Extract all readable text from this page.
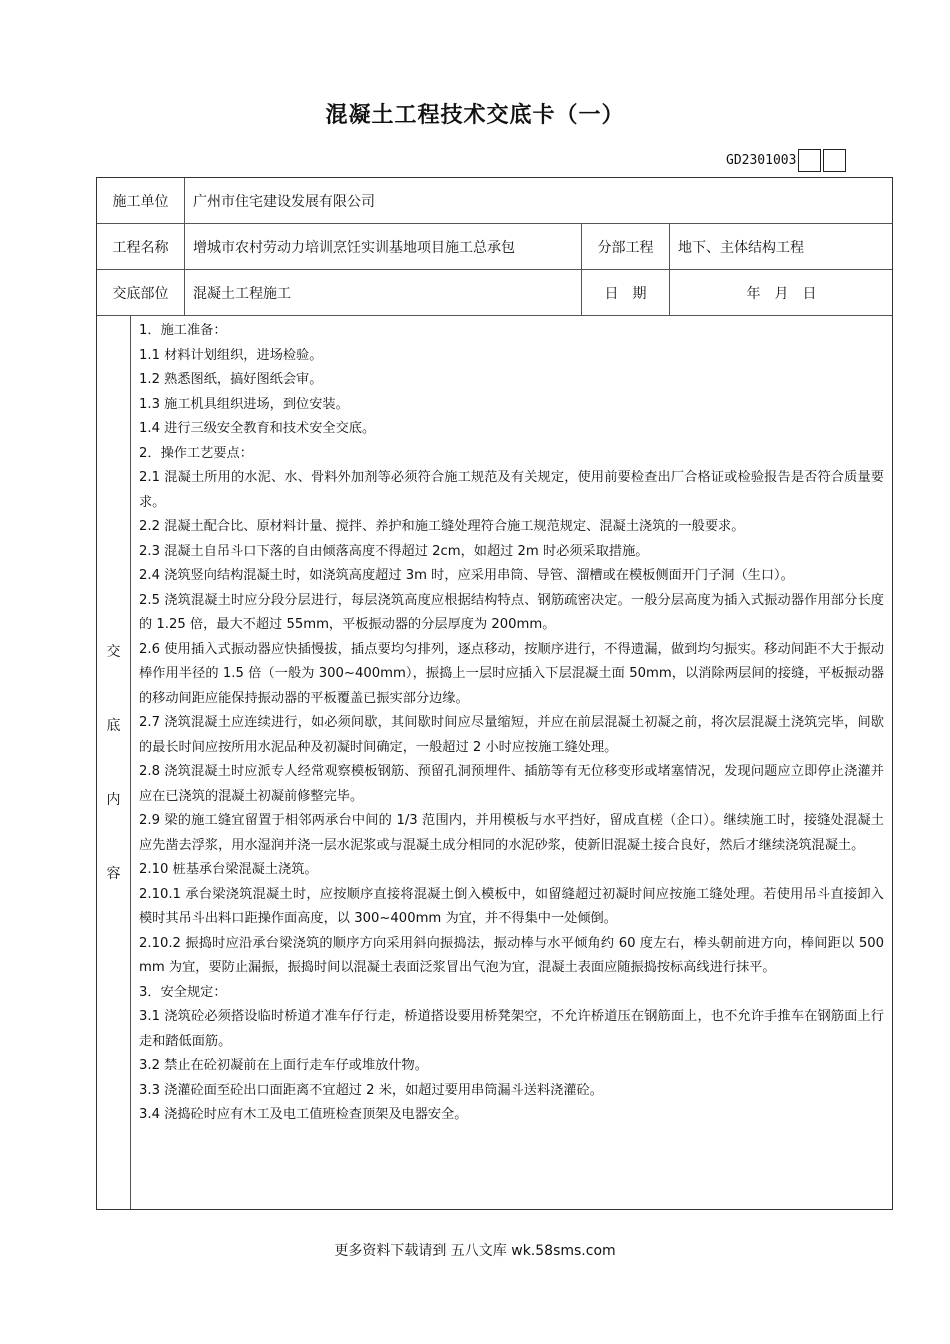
混凝土工程技术交底卡（一）
GD2301003
施工单位	广州市住宅建设发展有限公司
工程名称	增城市农村劳动力培训烹饪实训基地项目施工总承包	分部工程	地下、主体结构工程
交底部位	混凝土工程施工	日　期	年　月　日
交
底
内
容

1．施工准备：

1.1 材料计划组织，进场检验。

1.2 熟悉图纸，搞好图纸会审。

1.3 施工机具组织进场，到位安装。

1.4 进行三级安全教育和技术安全交底。

2．操作工艺要点：

2.1 混凝土所用的水泥、水、骨料外加剂等必须符合施工规范及有关规定，使用前要检查出厂合格证或检验报告是否符合质量要求。

2.2 混凝土配合比、原材料计量、搅拌、养护和施工缝处理符合施工规范规定、混凝土浇筑的一般要求。

2.3 混凝土自吊斗口下落的自由倾落高度不得超过 2cm，如超过 2m 时必须采取措施。

2.4 浇筑竖向结构混凝土时，如浇筑高度超过 3m 时，应采用串筒、导管、溜槽或在模板侧面开门子洞（生口）。

2.5 浇筑混凝土时应分段分层进行，每层浇筑高度应根据结构特点、钢筋疏密决定。一般分层高度为插入式振动器作用部分长度的 1.25 倍，最大不超过 55mm，平板振动器的分层厚度为 200mm。

2.6 使用插入式振动器应快插慢拔，插点要均匀排列，逐点移动，按顺序进行，不得遗漏，做到均匀振实。移动间距不大于振动棒作用半径的 1.5 倍（一般为 300~400mm），振捣上一层时应插入下层混凝土面 50mm，以消除两层间的接缝，平板振动器的移动间距应能保持振动器的平板覆盖已振实部分边缘。

2.7 浇筑混凝土应连续进行，如必须间歇，其间歇时间应尽量缩短，并应在前层混凝土初凝之前，将次层混凝土浇筑完毕，间歇的最长时间应按所用水泥品种及初凝时间确定，一般超过 2 小时应按施工缝处理。

2.8 浇筑混凝土时应派专人经常观察模板钢筋、预留孔洞预埋件、插筋等有无位移变形或堵塞情况，发现问题应立即停止浇灌并应在已浇筑的混凝土初凝前修整完毕。

2.9 梁的施工缝宜留置于相邻两承台中间的 1/3 范围内，并用模板与水平挡好，留成直槎（企口）。继续施工时，接缝处混凝土应先凿去浮浆，用水湿润并浇一层水泥浆或与混凝土成分相同的水泥砂浆，使新旧混凝土接合良好，然后才继续浇筑混凝土。

2.10 桩基承台梁混凝土浇筑。

2.10.1 承台梁浇筑混凝土时，应按顺序直接将混凝土倒入模板中，如留缝超过初凝时间应按施工缝处理。若使用吊斗直接卸入模时其吊斗出料口距操作面高度，以 300~400mm 为宜，并不得集中一处倾倒。

2.10.2 振捣时应沿承台梁浇筑的顺序方向采用斜向振捣法，振动棒与水平倾角约 60 度左右，棒头朝前进方向，棒间距以 500 mm 为宜，要防止漏振，振捣时间以混凝土表面泛浆冒出气泡为宜，混凝土表面应随振捣按标高线进行抹平。

3．安全规定：

3.1 浇筑砼必须搭设临时桥道才准车仔行走，桥道搭设要用桥凳架空，不允许桥道压在钢筋面上，也不允许手推车在钢筋面上行走和踏低面筋。

3.2 禁止在砼初凝前在上面行走车仔或堆放什物。

3.3 浇灌砼面至砼出口面距离不宜超过 2 米，如超过要用串筒漏斗送料浇灌砼。

3.4 浇捣砼时应有木工及电工值班检查顶架及电器安全。

更多资料下载请到 五八文库 wk.58sms.com
